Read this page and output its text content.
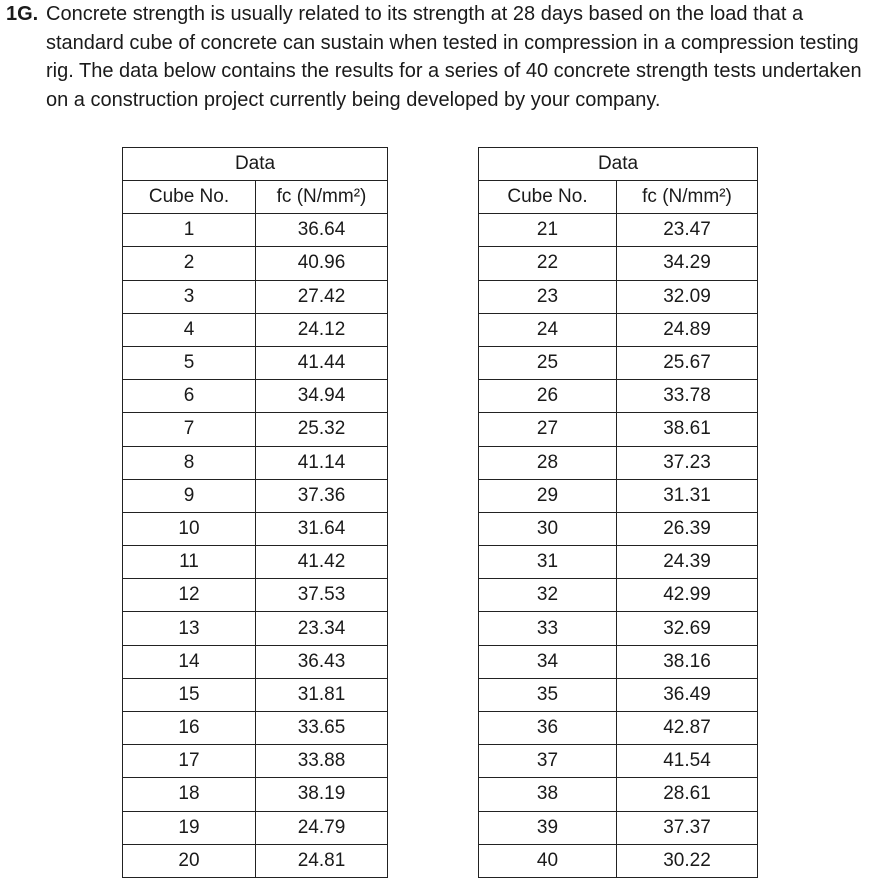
1G. Concrete strength is usually related to its strength at 28 days based on the load that a standard cube of concrete can sustain when tested in compression in a compression testing rig. The data below contains the results for a series of 40 concrete strength tests undertaken on a construction project currently being developed by your company.
Data	
Cube No.	fc (N/mm²)
1	36.64
2	40.96
3	27.42
4	24.12
5	41.44
6	34.94
7	25.32
8	41.14
9	37.36
10	31.64
11	41.42
12	37.53
13	23.34
14	36.43
15	31.81
16	33.65
17	33.88
18	38.19
19	24.79
20	24.81
Data	
Cube No.	fc (N/mm²)
21	23.47
22	34.29
23	32.09
24	24.89
25	25.67
26	33.78
27	38.61
28	37.23
29	31.31
30	26.39
31	24.39
32	42.99
33	32.69
34	38.16
35	36.49
36	42.87
37	41.54
38	28.61
39	37.37
40	30.22
